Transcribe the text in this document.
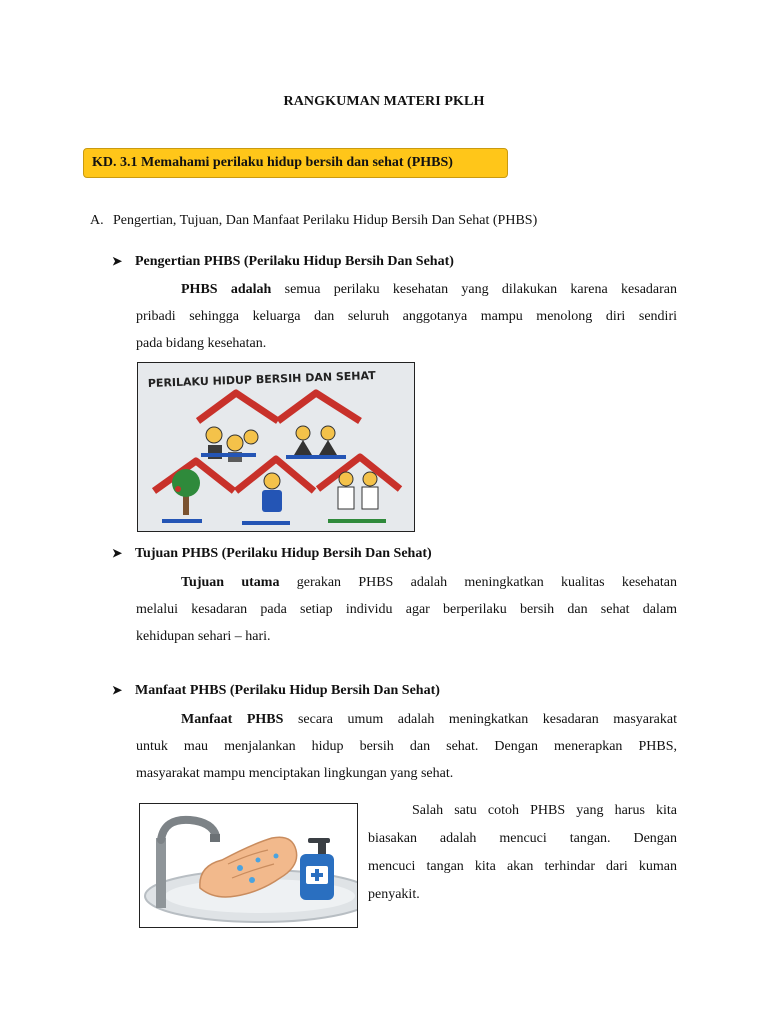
RANGKUMAN MATERI PKLH
KD. 3.1 Memahami perilaku hidup bersih dan sehat (PHBS)
A. Pengertian, Tujuan, Dan Manfaat Perilaku Hidup Bersih Dan Sehat (PHBS)
➤ Pengertian PHBS (Perilaku Hidup Bersih Dan Sehat)
PHBS adalah semua perilaku kesehatan yang dilakukan karena kesadaran
pribadi sehingga keluarga dan seluruh anggotanya mampu menolong diri sendiri
pada bidang kesehatan.
PERILAKU HIDUP BERSIH DAN SEHAT
➤ Tujuan PHBS (Perilaku Hidup Bersih Dan Sehat)
Tujuan utama gerakan PHBS adalah meningkatkan kualitas kesehatan
melalui kesadaran pada setiap individu agar berperilaku bersih dan sehat dalam
kehidupan sehari – hari.
➤ Manfaat PHBS (Perilaku Hidup Bersih Dan Sehat)
Manfaat PHBS secara umum adalah meningkatkan kesadaran masyarakat
untuk mau menjalankan hidup bersih dan sehat. Dengan menerapkan PHBS,
masyarakat mampu menciptakan lingkungan yang sehat.
Salah satu cotoh PHBS yang harus kita
biasakan adalah mencuci tangan. Dengan
mencuci tangan kita akan terhindar dari kuman
penyakit.
